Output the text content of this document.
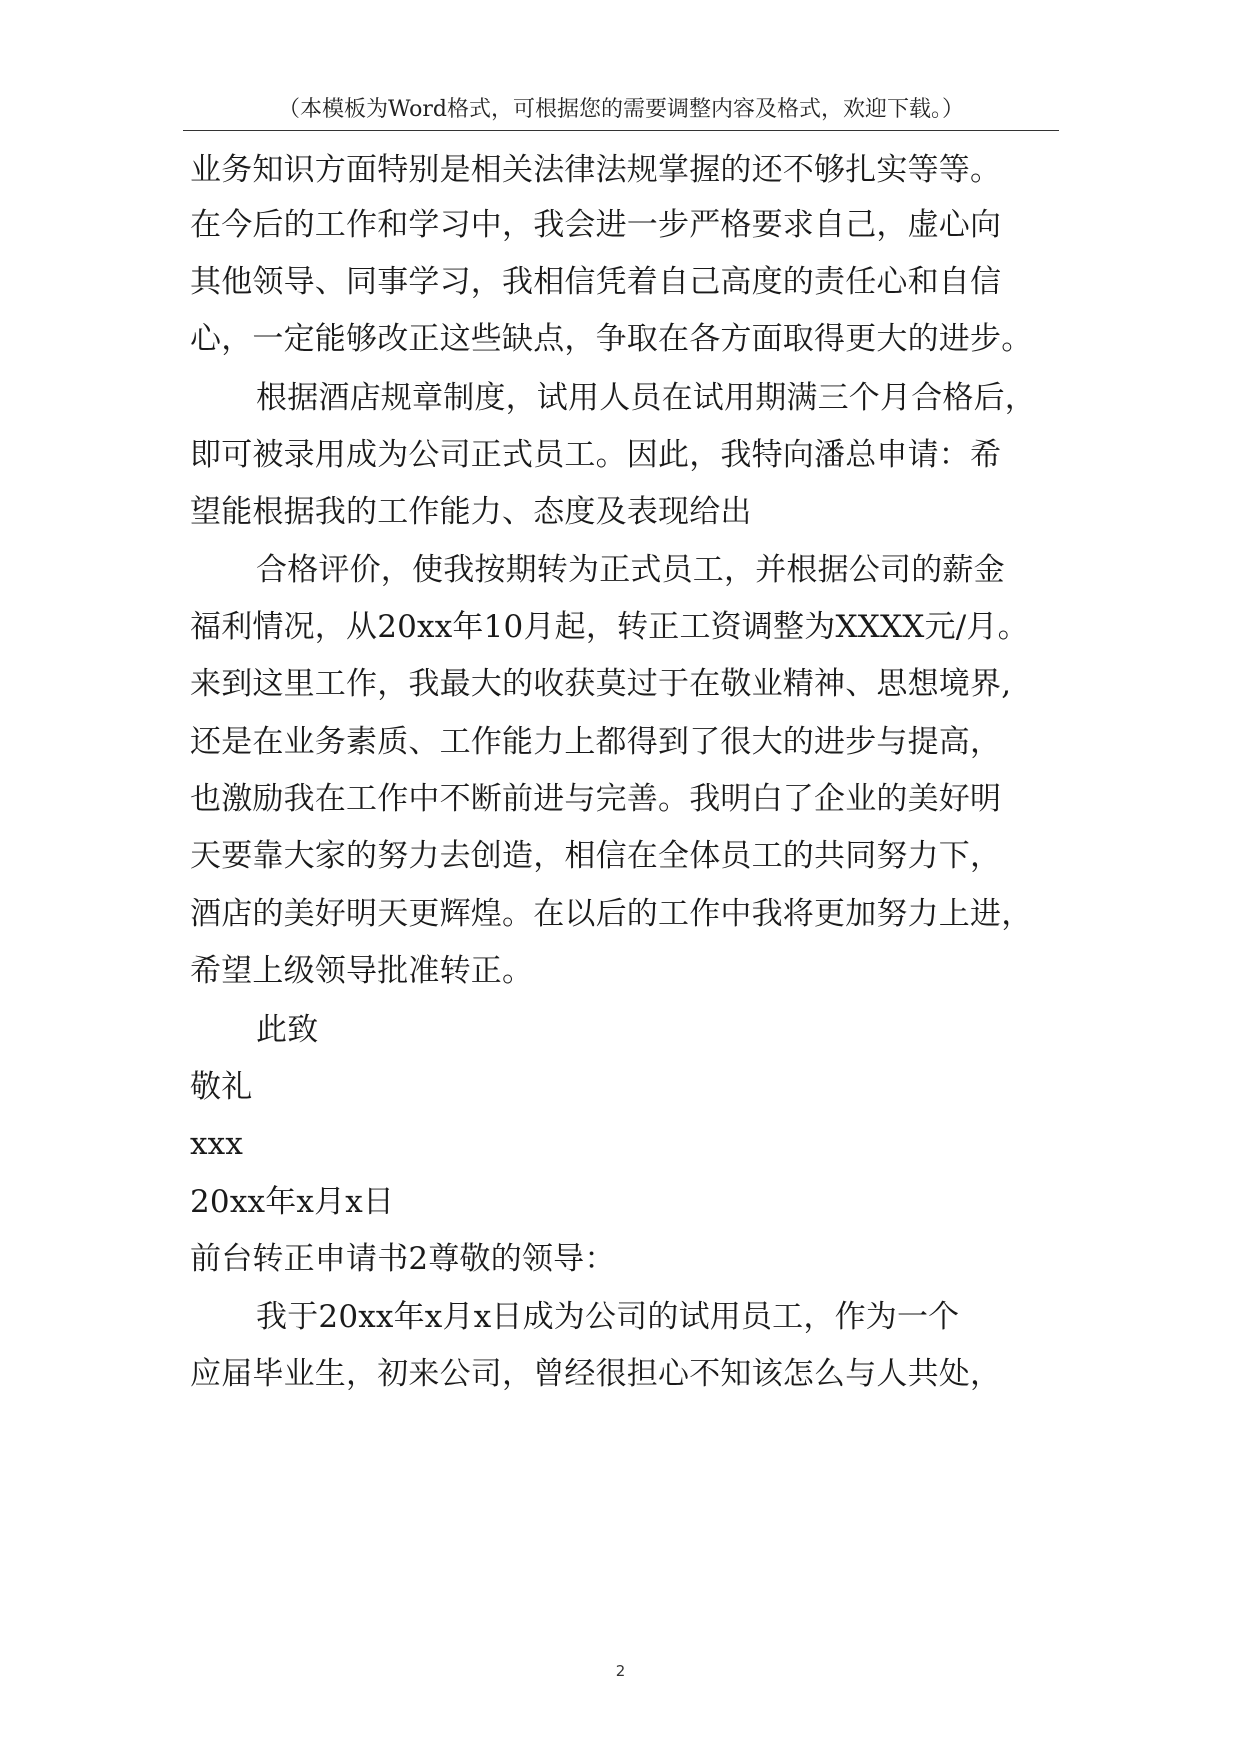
（本模板为Word格式，可根据您的需要调整内容及格式，欢迎下载。）
业务知识方面特别是相关法律法规掌握的还不够扎实等等。
在今后的工作和学习中，我会进一步严格要求自己，虚心向
其他领导、同事学习，我相信凭着自己高度的责任心和自信
心，一定能够改正这些缺点，争取在各方面取得更大的进步。
根据酒店规章制度，试用人员在试用期满三个月合格后，
即可被录用成为公司正式员工。因此，我特向潘总申请：希
望能根据我的工作能力、态度及表现给出
合格评价，使我按期转为正式员工，并根据公司的薪金
福利情况，从20xx年10月起，转正工资调整为XXXX元/月。
来到这里工作，我最大的收获莫过于在敬业精神、思想境界,
还是在业务素质、工作能力上都得到了很大的进步与提高，
也激励我在工作中不断前进与完善。我明白了企业的美好明
天要靠大家的努力去创造，相信在全体员工的共同努力下，
酒店的美好明天更辉煌。在以后的工作中我将更加努力上进，
希望上级领导批准转正。
此致
敬礼
xxx
20xx年x月x日
前台转正申请书2尊敬的领导：
我于20xx年x月x日成为公司的试用员工，作为一个
应届毕业生，初来公司，曾经很担心不知该怎么与人共处，
2
